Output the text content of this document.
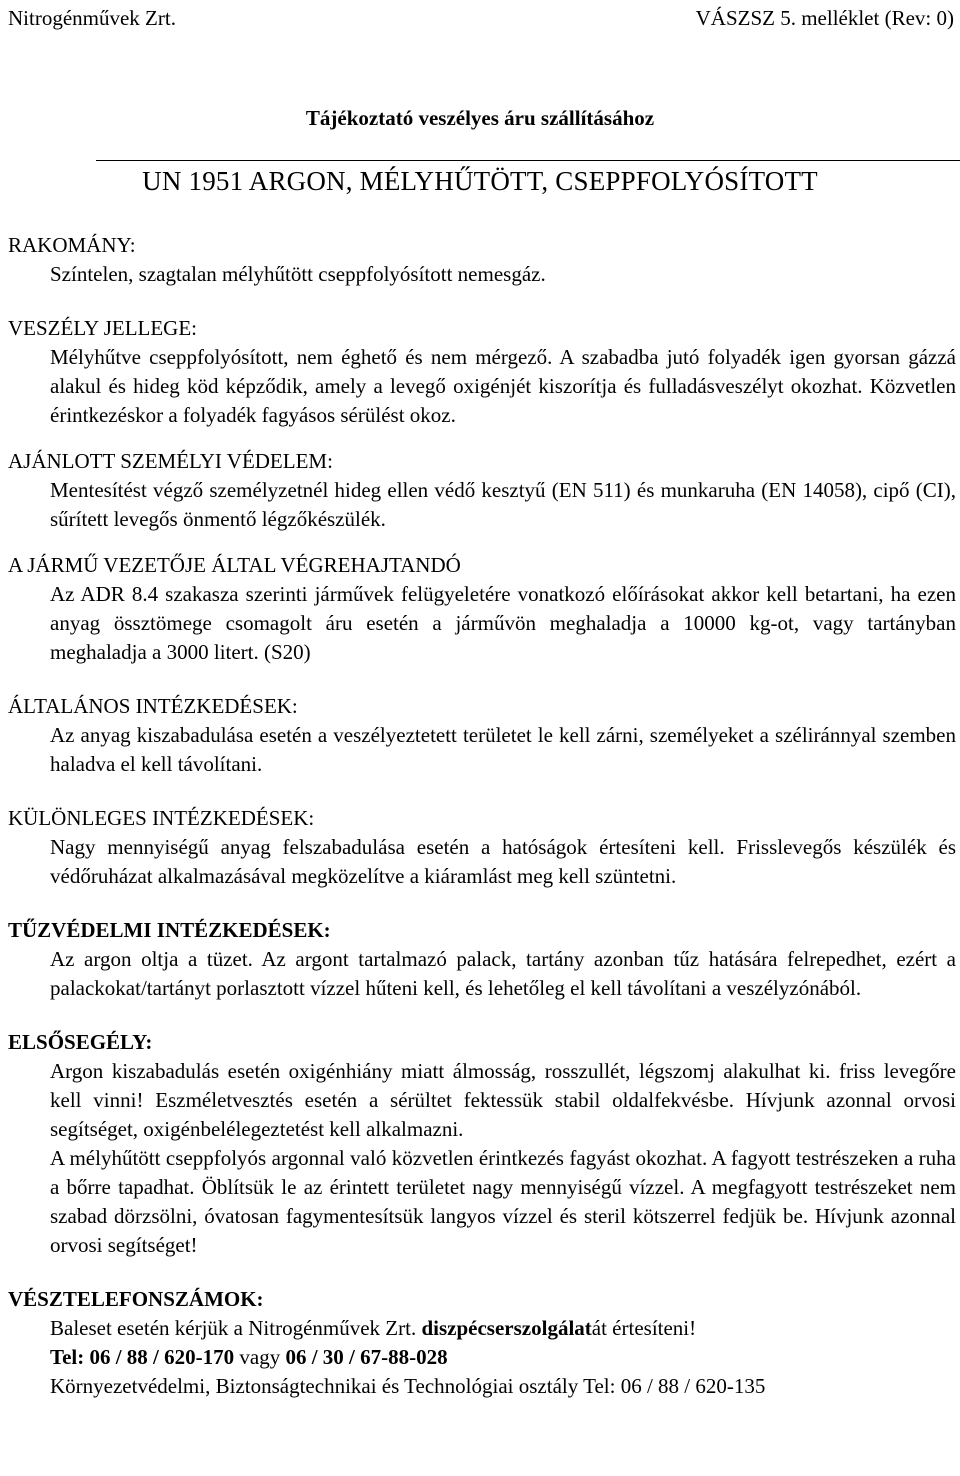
Nitrogénművek Zrt.	VÁSZSZ 5. melléklet (Rev: 0)
Tájékoztató veszélyes áru szállításához
UN 1951 ARGON, MÉLYHŰTÖTT, CSEPPFOLYÓSÍTOTT
RAKOMÁNY:

Színtelen, szagtalan mélyhűtött cseppfolyósított nemesgáz.

VESZÉLY JELLEGE:

Mélyhűtve cseppfolyósított, nem éghető és nem mérgező. A szabadba jutó folyadék igen gyorsan gázzá alakul és hideg köd képződik, amely a levegő oxigénjét kiszorítja és fulladásveszélyt okozhat. Közvetlen érintkezéskor a folyadék fagyásos sérülést okoz.

AJÁNLOTT SZEMÉLYI VÉDELEM:

Mentesítést végző személyzetnél hideg ellen védő kesztyű (EN 511) és munkaruha (EN 14058), cipő (CI), sűrített levegős önmentő légzőkészülék.

A JÁRMŰ VEZETŐJE ÁLTAL VÉGREHAJTANDÓ

Az ADR 8.4 szakasza szerinti járművek felügyeletére vonatkozó előírásokat akkor kell betartani, ha ezen anyag össztömege csomagolt áru esetén a járművön meghaladja a 10000 kg-ot, vagy tartányban meghaladja a 3000 litert. (S20)

ÁLTALÁNOS INTÉZKEDÉSEK:

Az anyag kiszabadulása esetén a veszélyeztetett területet le kell zárni, személyeket a széliránnyal szemben haladva el kell távolítani.

KÜLÖNLEGES INTÉZKEDÉSEK:

Nagy mennyiségű anyag felszabadulása esetén a hatóságok értesíteni kell. Frisslevegős készülék és védőruházat alkalmazásával megközelítve a kiáramlást meg kell szüntetni.

TŰZVÉDELMI INTÉZKEDÉSEK:

Az argon oltja a tüzet. Az argont tartalmazó palack, tartány azonban tűz hatására felrepedhet, ezért a palackokat/tartányt porlasztott vízzel hűteni kell, és lehetőleg el kell távolítani a veszélyzónából.

ELSŐSEGÉLY:

Argon kiszabadulás esetén oxigénhiány miatt álmosság, rosszullét, légszomj alakulhat ki. friss levegőre kell vinni! Eszméletvesztés esetén a sérültet fektessük stabil oldalfekvésbe. Hívjunk azonnal orvosi segítséget, oxigénbelélegeztetést kell alkalmazni.

A mélyhűtött cseppfolyós argonnal való közvetlen érintkezés fagyást okozhat. A fagyott testrészeken a ruha a bőrre tapadhat. Öblítsük le az érintett területet nagy mennyiségű vízzel. A megfagyott testrészeket nem szabad dörzsölni, óvatosan fagymentesítsük langyos vízzel és steril kötszerrel fedjük be. Hívjunk azonnal orvosi segítséget!

VÉSZTELEFONSZÁMOK:

Baleset esetén kérjük a Nitrogénművek Zrt. diszpécserszolgálatát értesíteni!

Tel: 06 / 88 / 620-170 vagy 06 / 30 / 67-88-028

Környezetvédelmi, Biztonságtechnikai és Technológiai osztály Tel: 06 / 88 / 620-135
